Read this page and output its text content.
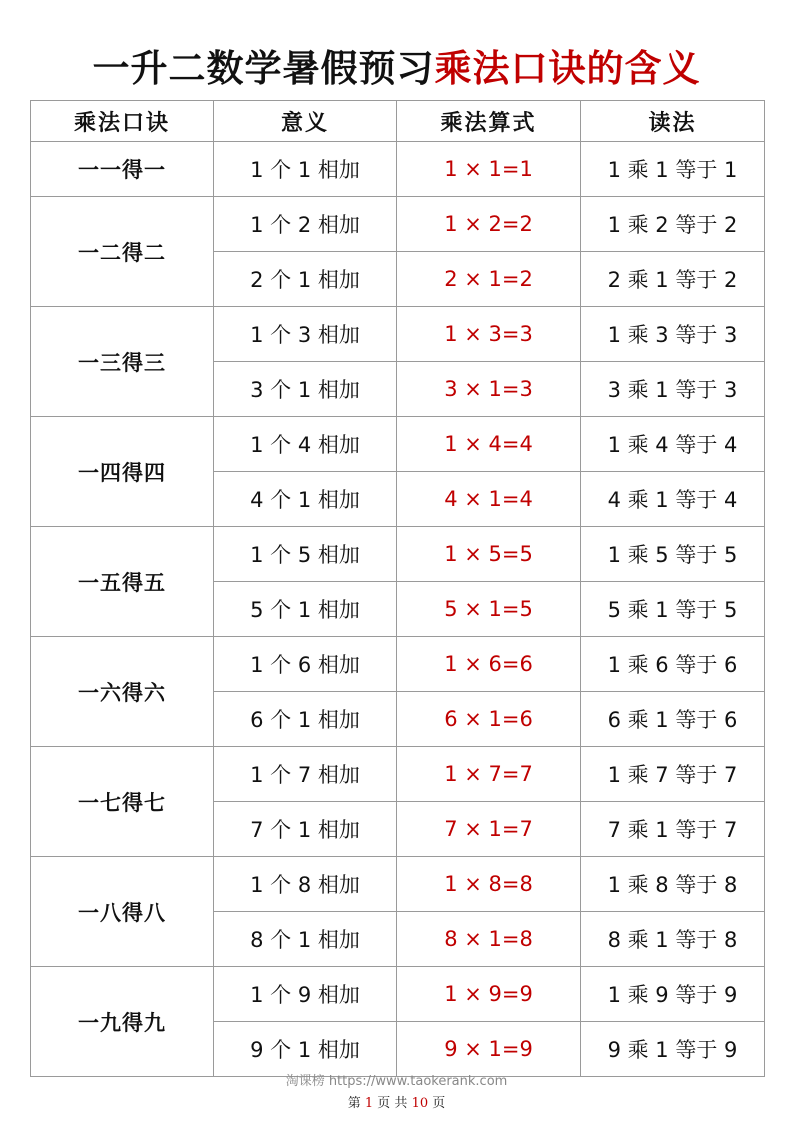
一升二数学暑假预习乘法口诀的含义
乘法口诀	意义	乘法算式	读法
一一得一	1 个 1 相加	1 × 1=1	1 乘 1 等于 1
一二得二	1 个 2 相加	1 × 2=2	1 乘 2 等于 2
	2 个 1 相加	2 × 1=2	2 乘 1 等于 2
一三得三	1 个 3 相加	1 × 3=3	1 乘 3 等于 3
	3 个 1 相加	3 × 1=3	3 乘 1 等于 3
一四得四	1 个 4 相加	1 × 4=4	1 乘 4 等于 4
	4 个 1 相加	4 × 1=4	4 乘 1 等于 4
一五得五	1 个 5 相加	1 × 5=5	1 乘 5 等于 5
	5 个 1 相加	5 × 1=5	5 乘 1 等于 5
一六得六	1 个 6 相加	1 × 6=6	1 乘 6 等于 6
	6 个 1 相加	6 × 1=6	6 乘 1 等于 6
一七得七	1 个 7 相加	1 × 7=7	1 乘 7 等于 7
	7 个 1 相加	7 × 1=7	7 乘 1 等于 7
一八得八	1 个 8 相加	1 × 8=8	1 乘 8 等于 8
	8 个 1 相加	8 × 1=8	8 乘 1 等于 8
一九得九	1 个 9 相加	1 × 9=9	1 乘 9 等于 9
	9 个 1 相加	9 × 1=9	9 乘 1 等于 9
淘课榜 https://www.taokerank.com
第 1 页 共 10 页
